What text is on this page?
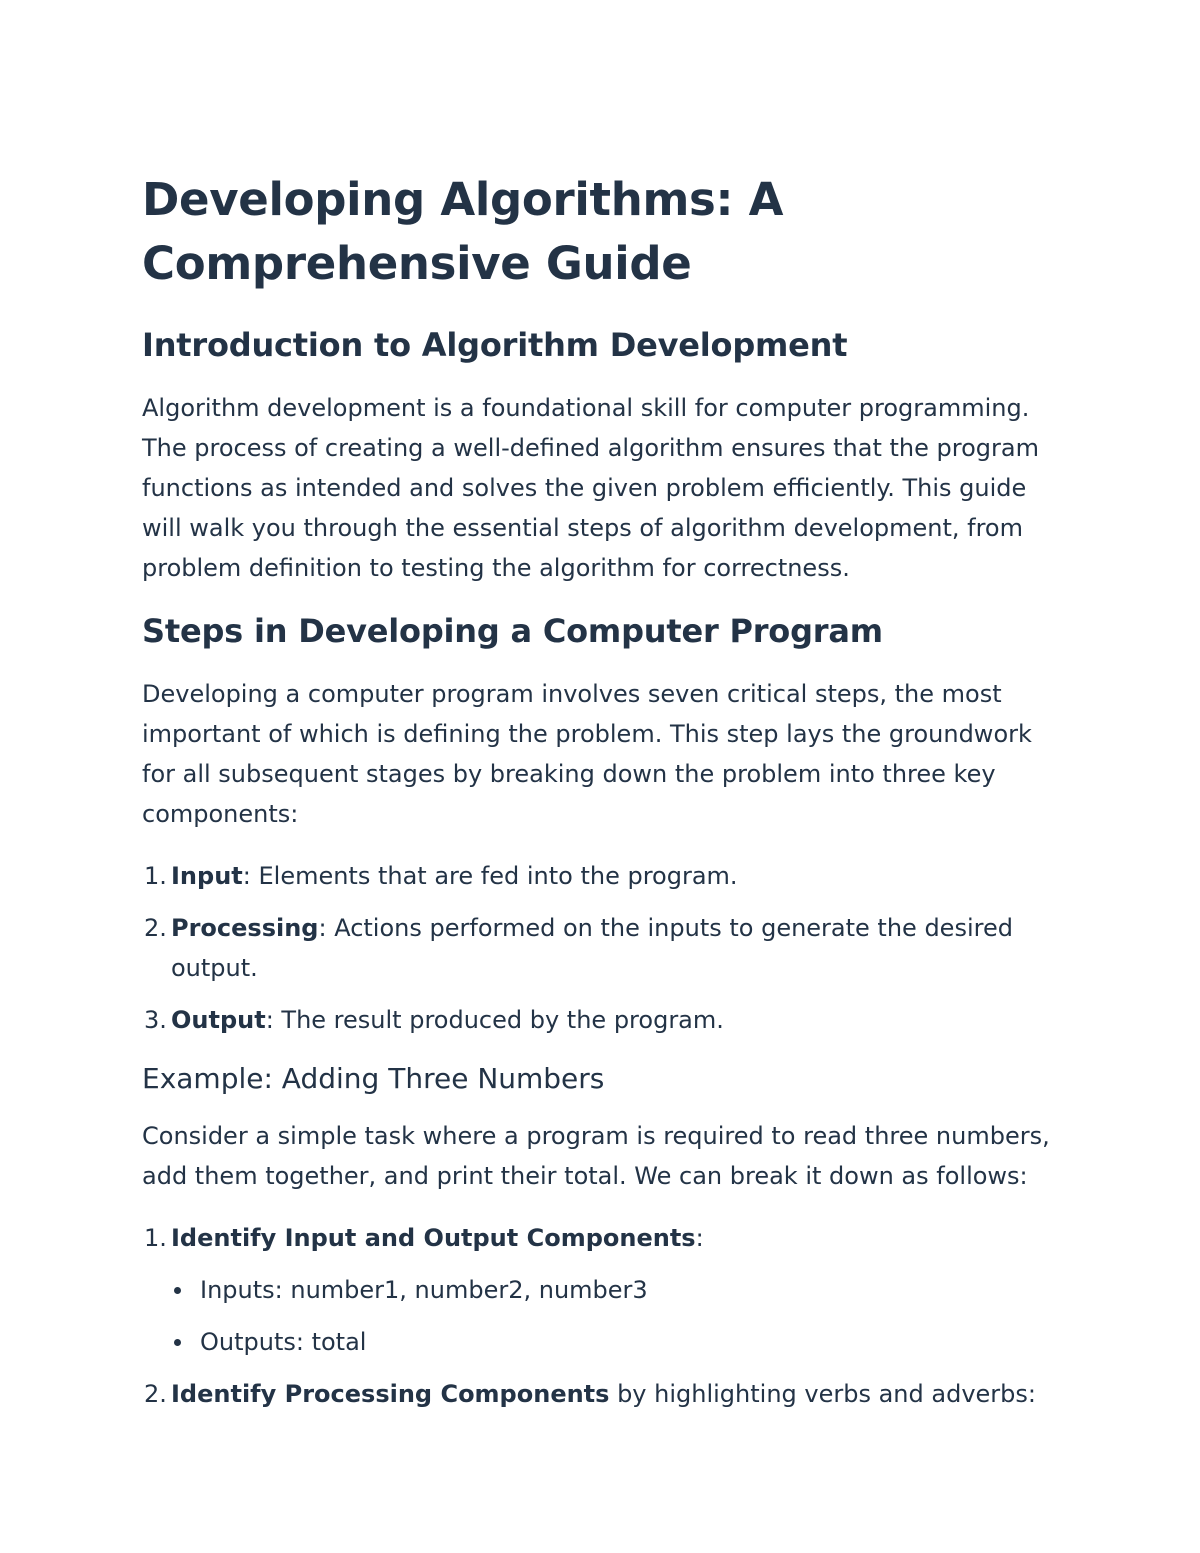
Developing Algorithms: A Comprehensive Guide
Introduction to Algorithm Development

Algorithm development is a foundational skill for computer programming. The process of creating a well-defined algorithm ensures that the program functions as intended and solves the given problem efficiently. This guide will walk you through the essential steps of algorithm development, from problem definition to testing the algorithm for correctness.

Steps in Developing a Computer Program

Developing a computer program involves seven critical steps, the most important of which is defining the problem. This step lays the groundwork for all subsequent stages by breaking down the problem into three key components:

1. Input: Elements that are fed into the program.
2. Processing: Actions performed on the inputs to generate the desired output.
3. Output: The result produced by the program.
Example: Adding Three Numbers

Consider a simple task where a program is required to read three numbers, add them together, and print their total. We can break it down as follows:

1. Identify Input and Output Components:
Inputs: number1, number2, number3
Outputs: total
2. Identify Processing Components by highlighting verbs and adverbs:
